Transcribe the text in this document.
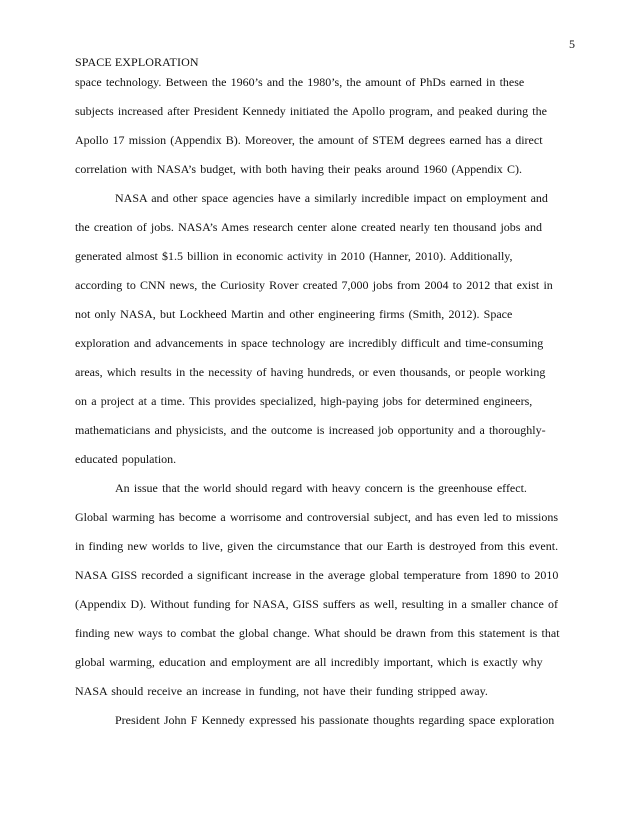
5
SPACE EXPLORATION
space technology. Between the 1960’s and the 1980’s, the amount of PhDs earned in these
subjects increased after President Kennedy initiated the Apollo program, and peaked during the
Apollo 17 mission (Appendix B). Moreover, the amount of STEM degrees earned has a direct
correlation with NASA’s budget, with both having their peaks around 1960 (Appendix C).
NASA and other space agencies have a similarly incredible impact on employment and
the creation of jobs. NASA’s Ames research center alone created nearly ten thousand jobs and
generated almost $1.5 billion in economic activity in 2010 (Hanner, 2010). Additionally,
according to CNN news, the Curiosity Rover created 7,000 jobs from 2004 to 2012 that exist in
not only NASA, but Lockheed Martin and other engineering firms (Smith, 2012). Space
exploration and advancements in space technology are incredibly difficult and time-consuming
areas, which results in the necessity of having hundreds, or even thousands, or people working
on a project at a time. This provides specialized, high-paying jobs for determined engineers,
mathematicians and physicists, and the outcome is increased job opportunity and a thoroughly-
educated population.
An issue that the world should regard with heavy concern is the greenhouse effect.
Global warming has become a worrisome and controversial subject, and has even led to missions
in finding new worlds to live, given the circumstance that our Earth is destroyed from this event.
NASA GISS recorded a significant increase in the average global temperature from 1890 to 2010
(Appendix D). Without funding for NASA, GISS suffers as well, resulting in a smaller chance of
finding new ways to combat the global change. What should be drawn from this statement is that
global warming, education and employment are all incredibly important, which is exactly why
NASA should receive an increase in funding, not have their funding stripped away.
President John F Kennedy expressed his passionate thoughts regarding space exploration
